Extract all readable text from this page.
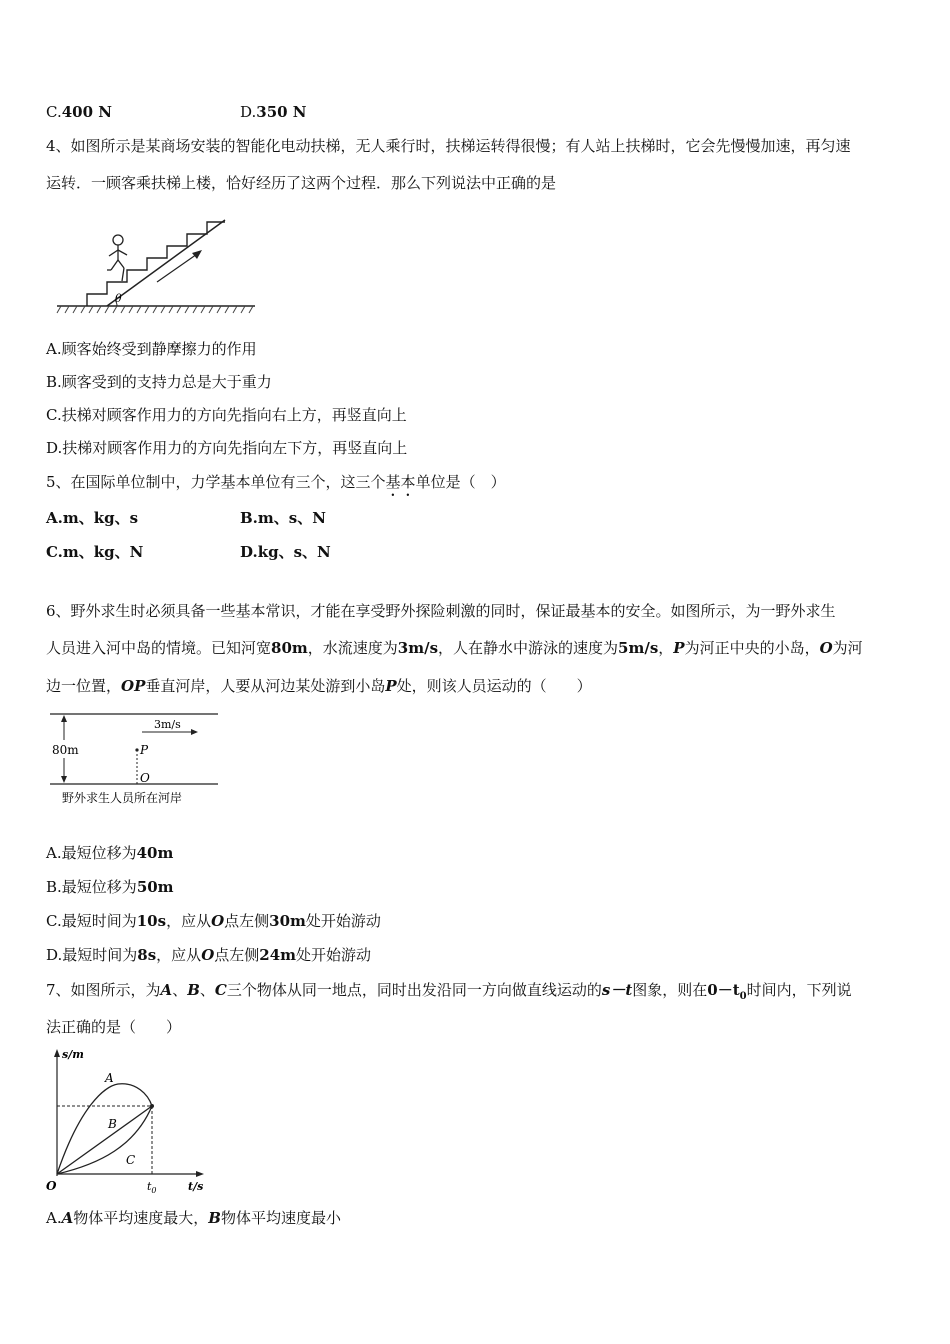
C.400 N	D.350 N
4、如图所示是某商场安装的智能化电动扶梯，无人乘行时，扶梯运转得很慢；有人站上扶梯时，它会先慢慢加速，再匀速
运转．一顾客乘扶梯上楼，恰好经历了这两个过程．那么下列说法中正确的是
θ
A.顾客始终受到静摩擦力的作用
B.顾客受到的支持力总是大于重力
C.扶梯对顾客作用力的方向先指向右上方，再竖直向上
D.扶梯对顾客作用力的方向先指向左下方，再竖直向上
5、在国际单位制中，力学基本单位有三个，这三个基本单位是（　）
A.m、kg、s	B.m、s、N
C.m、kg、N	D.kg、s、N
6、野外求生时必须具备一些基本常识，才能在享受野外探险刺激的同时，保证最基本的安全。如图所示，为一野外求生
人员进入河中岛的情境。已知河宽80m，水流速度为3m/s，人在静水中游泳的速度为5m/s，P为河正中央的小岛，O为河
边一位置，OP垂直河岸，人要从河边某处游到小岛P处，则该人员运动的（　　）
80m
3m/s
P
O
野外求生人员所在河岸
A.最短位移为40m
B.最短位移为50m
C.最短时间为10s，应从O点左侧30m处开始游动
D.最短时间为8s，应从O点左侧24m处开始游动
7、如图所示，为A、B、C三个物体从同一地点，同时出发沿同一方向做直线运动的s－t图象，则在$0-t_0$时间内，下列说
法正确的是（　　）
s/m
t/s
O	$t_0$
A
B
C
A.A物体平均速度最大，B物体平均速度最小
